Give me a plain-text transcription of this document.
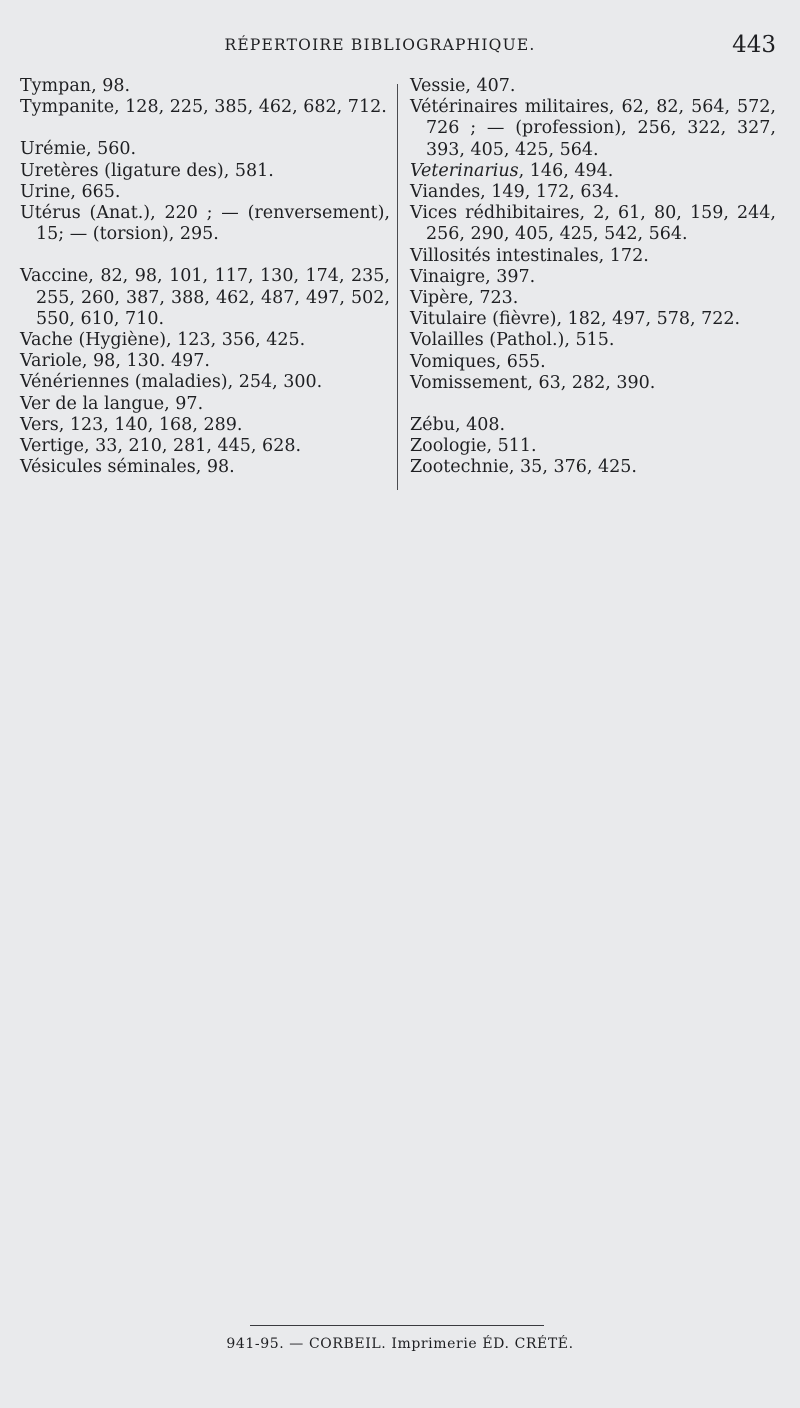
RÉPERTOIRE BIBLIOGRAPHIQUE.	443
Tympan, 98.
Tympanite, 128, 225, 385, 462, 682, 712.
Urémie, 560.
Uretères (ligature des), 581.
Urine, 665.
Utérus (Anat.), 220 ; — (renversement), 15; — (torsion), 295.
Vaccine, 82, 98, 101, 117, 130, 174, 235, 255, 260, 387, 388, 462, 487, 497, 502, 550, 610, 710.
Vache (Hygiène), 123, 356, 425.
Variole, 98, 130. 497.
Vénériennes (maladies), 254, 300.
Ver de la langue, 97.
Vers, 123, 140, 168, 289.
Vertige, 33, 210, 281, 445, 628.
Vésicules séminales, 98.
Vessie, 407.
Vétérinaires militaires, 62, 82, 564, 572, 726 ; — (profession), 256, 322, 327, 393, 405, 425, 564.
Veterinarius, 146, 494.
Viandes, 149, 172, 634.
Vices rédhibitaires, 2, 61, 80, 159, 244, 256, 290, 405, 425, 542, 564.
Villosités intestinales, 172.
Vinaigre, 397.
Vipère, 723.
Vitulaire (fièvre), 182, 497, 578, 722.
Volailles (Pathol.), 515.
Vomiques, 655.
Vomissement, 63, 282, 390.
Zébu, 408.
Zoologie, 511.
Zootechnie, 35, 376, 425.
941-95. — CORBEIL. Imprimerie ÉD. CRÉTÉ.
